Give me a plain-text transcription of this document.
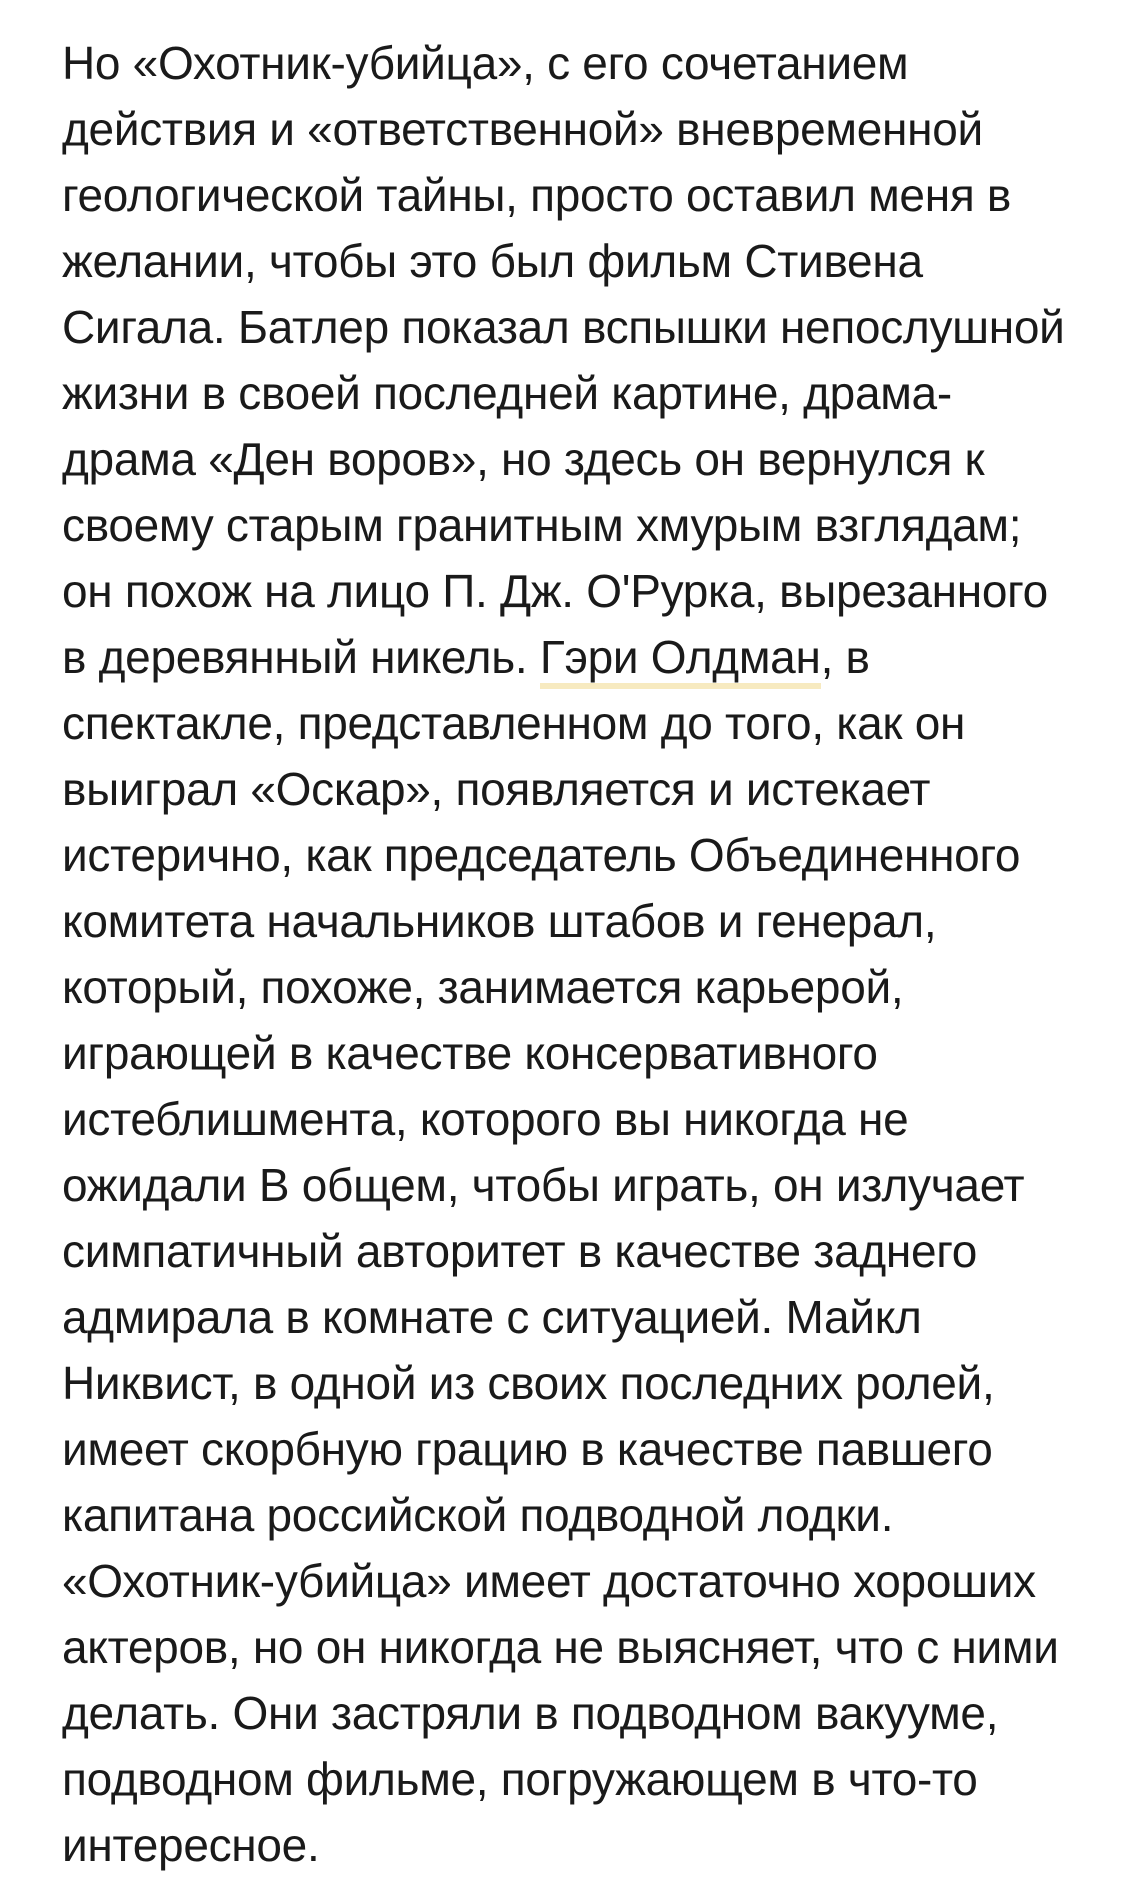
Но «Охотник-убийца», с его сочетанием
действия и «ответственной» вневременной
геологической тайны, просто оставил меня в
желании, чтобы это был фильм Стивена
Сигала. Батлер показал вспышки непослушной
жизни в своей последней картине, драма-
драма «Ден воров», но здесь он вернулся к
своему старым гранитным хмурым взглядам;
он похож на лицо П. Дж. О'Рурка, вырезанного
в деревянный никель. Гэри Олдман, в
спектакле, представленном до того, как он
выиграл «Оскар», появляется и истекает
истерично, как председатель Объединенного
комитета начальников штабов и генерал,
который, похоже, занимается карьерой,
играющей в качестве консервативного
истеблишмента, которого вы никогда не
ожидали В общем, чтобы играть, он излучает
симпатичный авторитет в качестве заднего
адмирала в комнате с ситуацией. Майкл
Никвист, в одной из своих последних ролей,
имеет скорбную грацию в качестве павшего
капитана российской подводной лодки.
«Охотник-убийца» имеет достаточно хороших
актеров, но он никогда не выясняет, что с ними
делать. Они застряли в подводном вакууме,
подводном фильме, погружающем в что-то
интересное.
